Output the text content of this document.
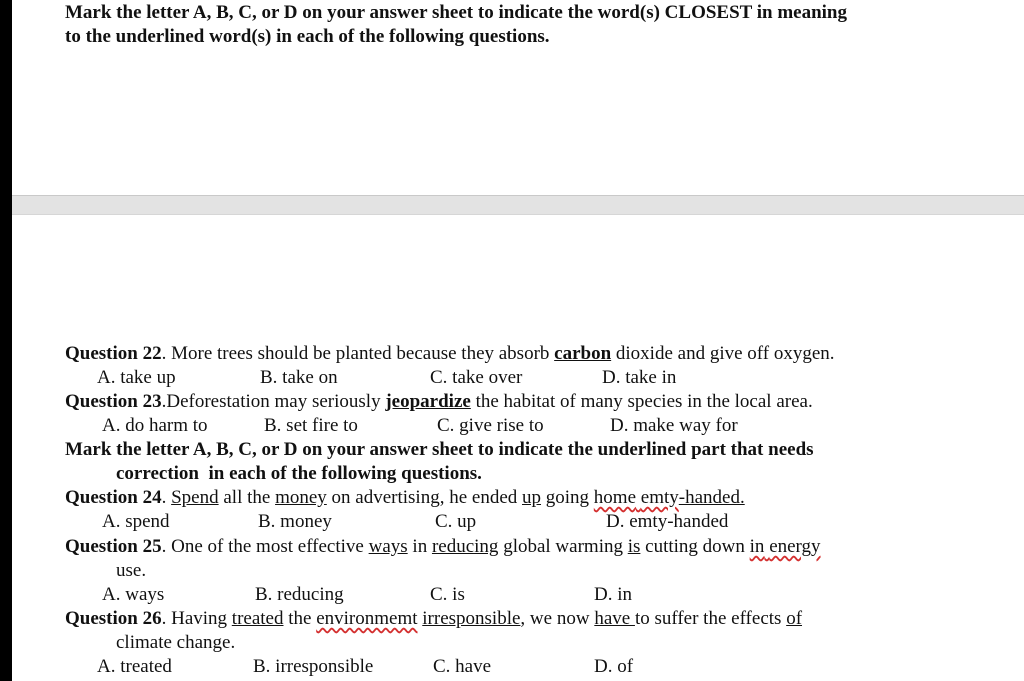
Mark the letter A, B, C, or D on your answer sheet to indicate the word(s) CLOSEST in meaning
to the underlined word(s) in each of the following questions.
Question 22. More trees should be planted because they absorb carbon dioxide and give off oxygen.
A. take up	B. take on	C. take over	D. take in
Question 23.Deforestation may seriously jeopardize the habitat of many species in the local area.
A. do harm to	B. set fire to	C. give rise to	D. make way for
Mark the letter A, B, C, or D on your answer sheet to indicate the underlined part that needs
correction  in each of the following questions.
Question 24. Spend all the money on advertising, he ended up going home emty-handed.
A. spend	B. money	C. up	D. emty-handed
Question 25. One of the most effective ways in reducing global warming is cutting down in energy
use.
A. ways	B. reducing	C. is	D. in
Question 26. Having treated the environmemt irresponsible, we now have to suffer the effects of
climate change.
A. treated	B. irresponsible	C. have	D. of
